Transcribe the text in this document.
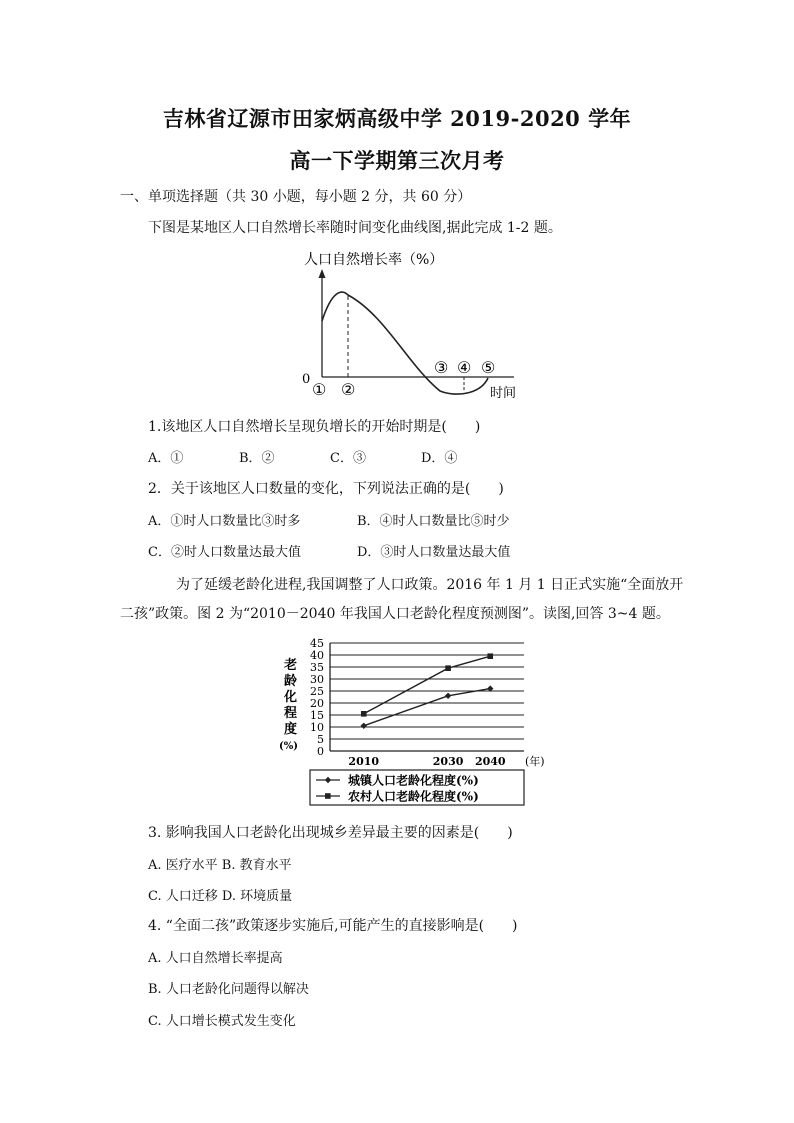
吉林省辽源市田家炳高级中学 2019-2020 学年
高一下学期第三次月考
一、单项选择题（共 30 小题，每小题 2 分，共 60 分）
下图是某地区人口自然增长率随时间变化曲线图,据此完成 1-2 题。
人口自然增长率（%）
0
① ②
③ ④ ⑤
时间
1.该地区人口自然增长呈现负增长的开始时期是(　　)
A．①	B．②	C．③	D．④
2．关于该地区人口数量的变化，下列说法正确的是(　　)
A．①时人口数量比③时多	B．④时人口数量比⑤时少
C．②时人口数量达最大值	D．③时人口数量达最大值
为了延缓老龄化进程,我国调整了人口政策。2016 年 1 月 1 日正式实施“全面放开
二孩”政策。图 2 为“2010－2040 年我国人口老龄化程度预测图”。读图,回答 3~4 题。
老
龄
化
程
度
(%) 0
5
10
15
20
25
30
35
40
45
2010	2030 2040 (年)
城镇人口老龄化程度(%)
农村人口老龄化程度(%)
3. 影响我国人口老龄化出现城乡差异最主要的因素是(　　)
A. 医疗水平 B. 教育水平
C. 人口迁移 D. 环境质量
4. “全面二孩”政策逐步实施后,可能产生的直接影响是(　　)
A. 人口自然增长率提高
B. 人口老龄化问题得以解决
C. 人口增长模式发生变化
